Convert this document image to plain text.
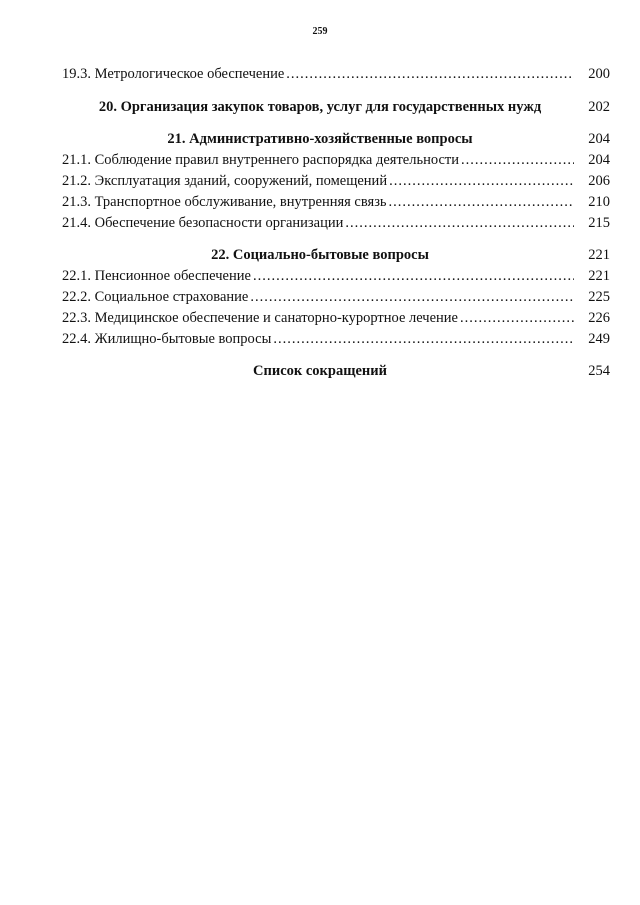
259
19.3. Метрологическое обеспечение .....	200
20. Организация закупок товаров, услуг для государственных нужд	202
21. Административно-хозяйственные вопросы	204
21.1. Соблюдение правил внутреннего распорядка деятельности .....	204
21.2. Эксплуатация зданий, сооружений, помещений .....	206
21.3. Транспортное обслуживание, внутренняя связь .....	210
21.4. Обеспечение безопасности организации .....	215
22. Социально-бытовые вопросы	221
22.1. Пенсионное обеспечение .....	221
22.2. Социальное страхование .....	225
22.3. Медицинское обеспечение и санаторно-курортное лечение .....	226
22.4. Жилищно-бытовые вопросы .....	249
Список сокращений	254
